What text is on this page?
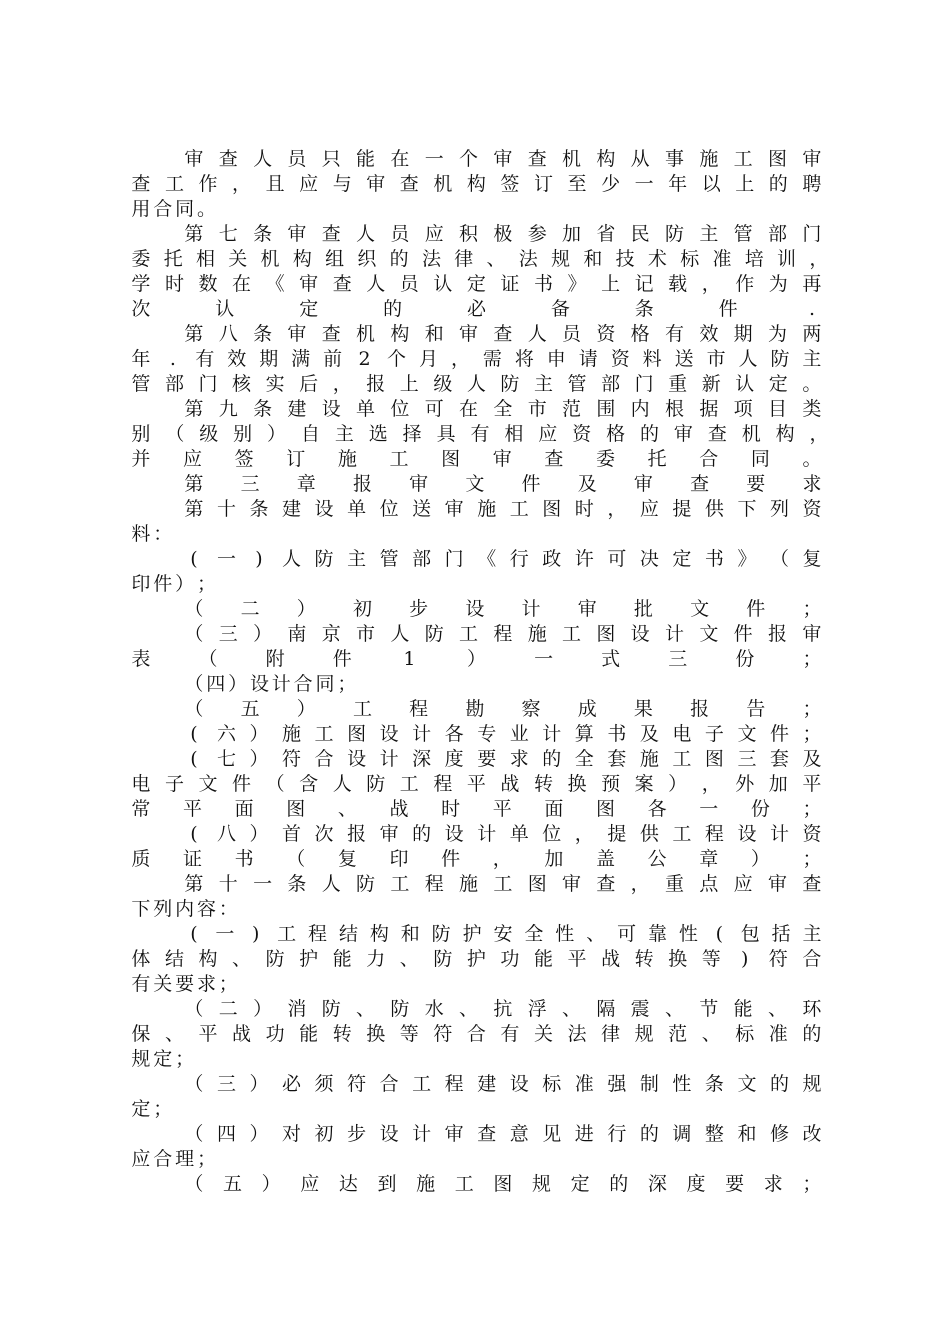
审 查 人 员 只 能 在 一 个 审 查 机 构 从 事 施 工 图 审
查 工 作 ， 且 应 与 审 查 机 构 签 订 至 少 一 年 以 上 的 聘
用 合 同 。
第 七 条 审 查 人 员 应 积 极 参 加 省 民 防 主 管 部 门
委 托 相 关 机 构 组 织 的 法 律 、 法 规 和 技 术 标 准 培 训 ，
学 时 数 在 《 审 查 人 员 认 定 证 书 》 上 记 载 ， 作 为 再
次	认	定	的	必	备	条	件	.
第 八 条 审 查 机 构 和 审 查 人 员 资 格 有 效 期 为 两
年	.	有 效 期 满 前 2 个 月 ， 需 将 申 请 资 料 送 市 人 防 主
管 部 门 核 实 后 ， 报 上 级 人 防 主 管 部 门 重 新 认 定 。
第 九 条 建 设 单 位 可 在 全 市 范 围 内 根 据 项 目 类
别 （ 级 别 ） 自 主 选 择 具 有 相 应 资 格 的 审 查 机 构 ，
并 应 签 订 施 工 图 审 查 委 托 合 同 。
第 三 章 报 审 文 件 及 审 查 要 求
第 十 条 建 设 单 位 送 审 施 工 图 时 ， 应 提 供 下 列 资
料 ：
(	一	)	人 防 主 管 部 门 《 行 政 许 可 决 定 书 》 （ 复
印 件 ） ；
（ 二 ） 初 步 设 计 审 批 文 件 ；
（ 三 ） 南 京 市 人 防 工 程 施 工 图 设 计 文 件 报 审
表	（	附	件	1	）	一	式	三	份	；
（ 四 ） 设 计 合 同 ；
（ 五 ） 工 程 勘 察 成 果 报 告 ；
(	六 ） 施 工 图 设 计 各 专 业 计 算 书 及 电 子 文 件 ；
(	七 ） 符 合 设 计 深 度 要 求 的 全 套 施 工 图 三 套 及
电 子 文 件 （ 含 人 防 工 程 平 战 转 换 预 案 ） ， 外 加 平
常 平 面 图 、 战 时 平 面 图 各 一 份 ；
(	八 ） 首 次 报 审 的 设 计 单 位 ， 提 供 工 程 设 计 资
质 证 书 （ 复 印 件 ， 加 盖 公 章 ） ；
第 十 一 条 人 防 工 程 施 工 图 审 查 ， 重 点 应 审 查
下 列 内 容 ：
( 一 ) 工 程 结 构 和 防 护 安 全 性 、 可 靠 性 ( 包 括 主
体 结 构 、 防 护 能 力 、 防 护 功 能 平 战 转 换 等	)	符 合
有 关 要 求 ；
（ 二 ） 消 防 、 防 水 、 抗 浮 、 隔 震 、 节 能 、 环
保 、 平 战 功 能 转 换 等 符 合 有 关 法 律 规 范 、 标 准 的
规 定 ；
（ 三 ） 必 须 符 合 工 程 建 设 标 准 强 制 性 条 文 的 规
定 ；
（ 四 ） 对 初 步 设 计 审 查 意 见 进 行 的 调 整 和 修 改
应 合 理 ；
（ 五 ） 应 达 到 施 工 图 规 定 的 深 度 要 求 ；
